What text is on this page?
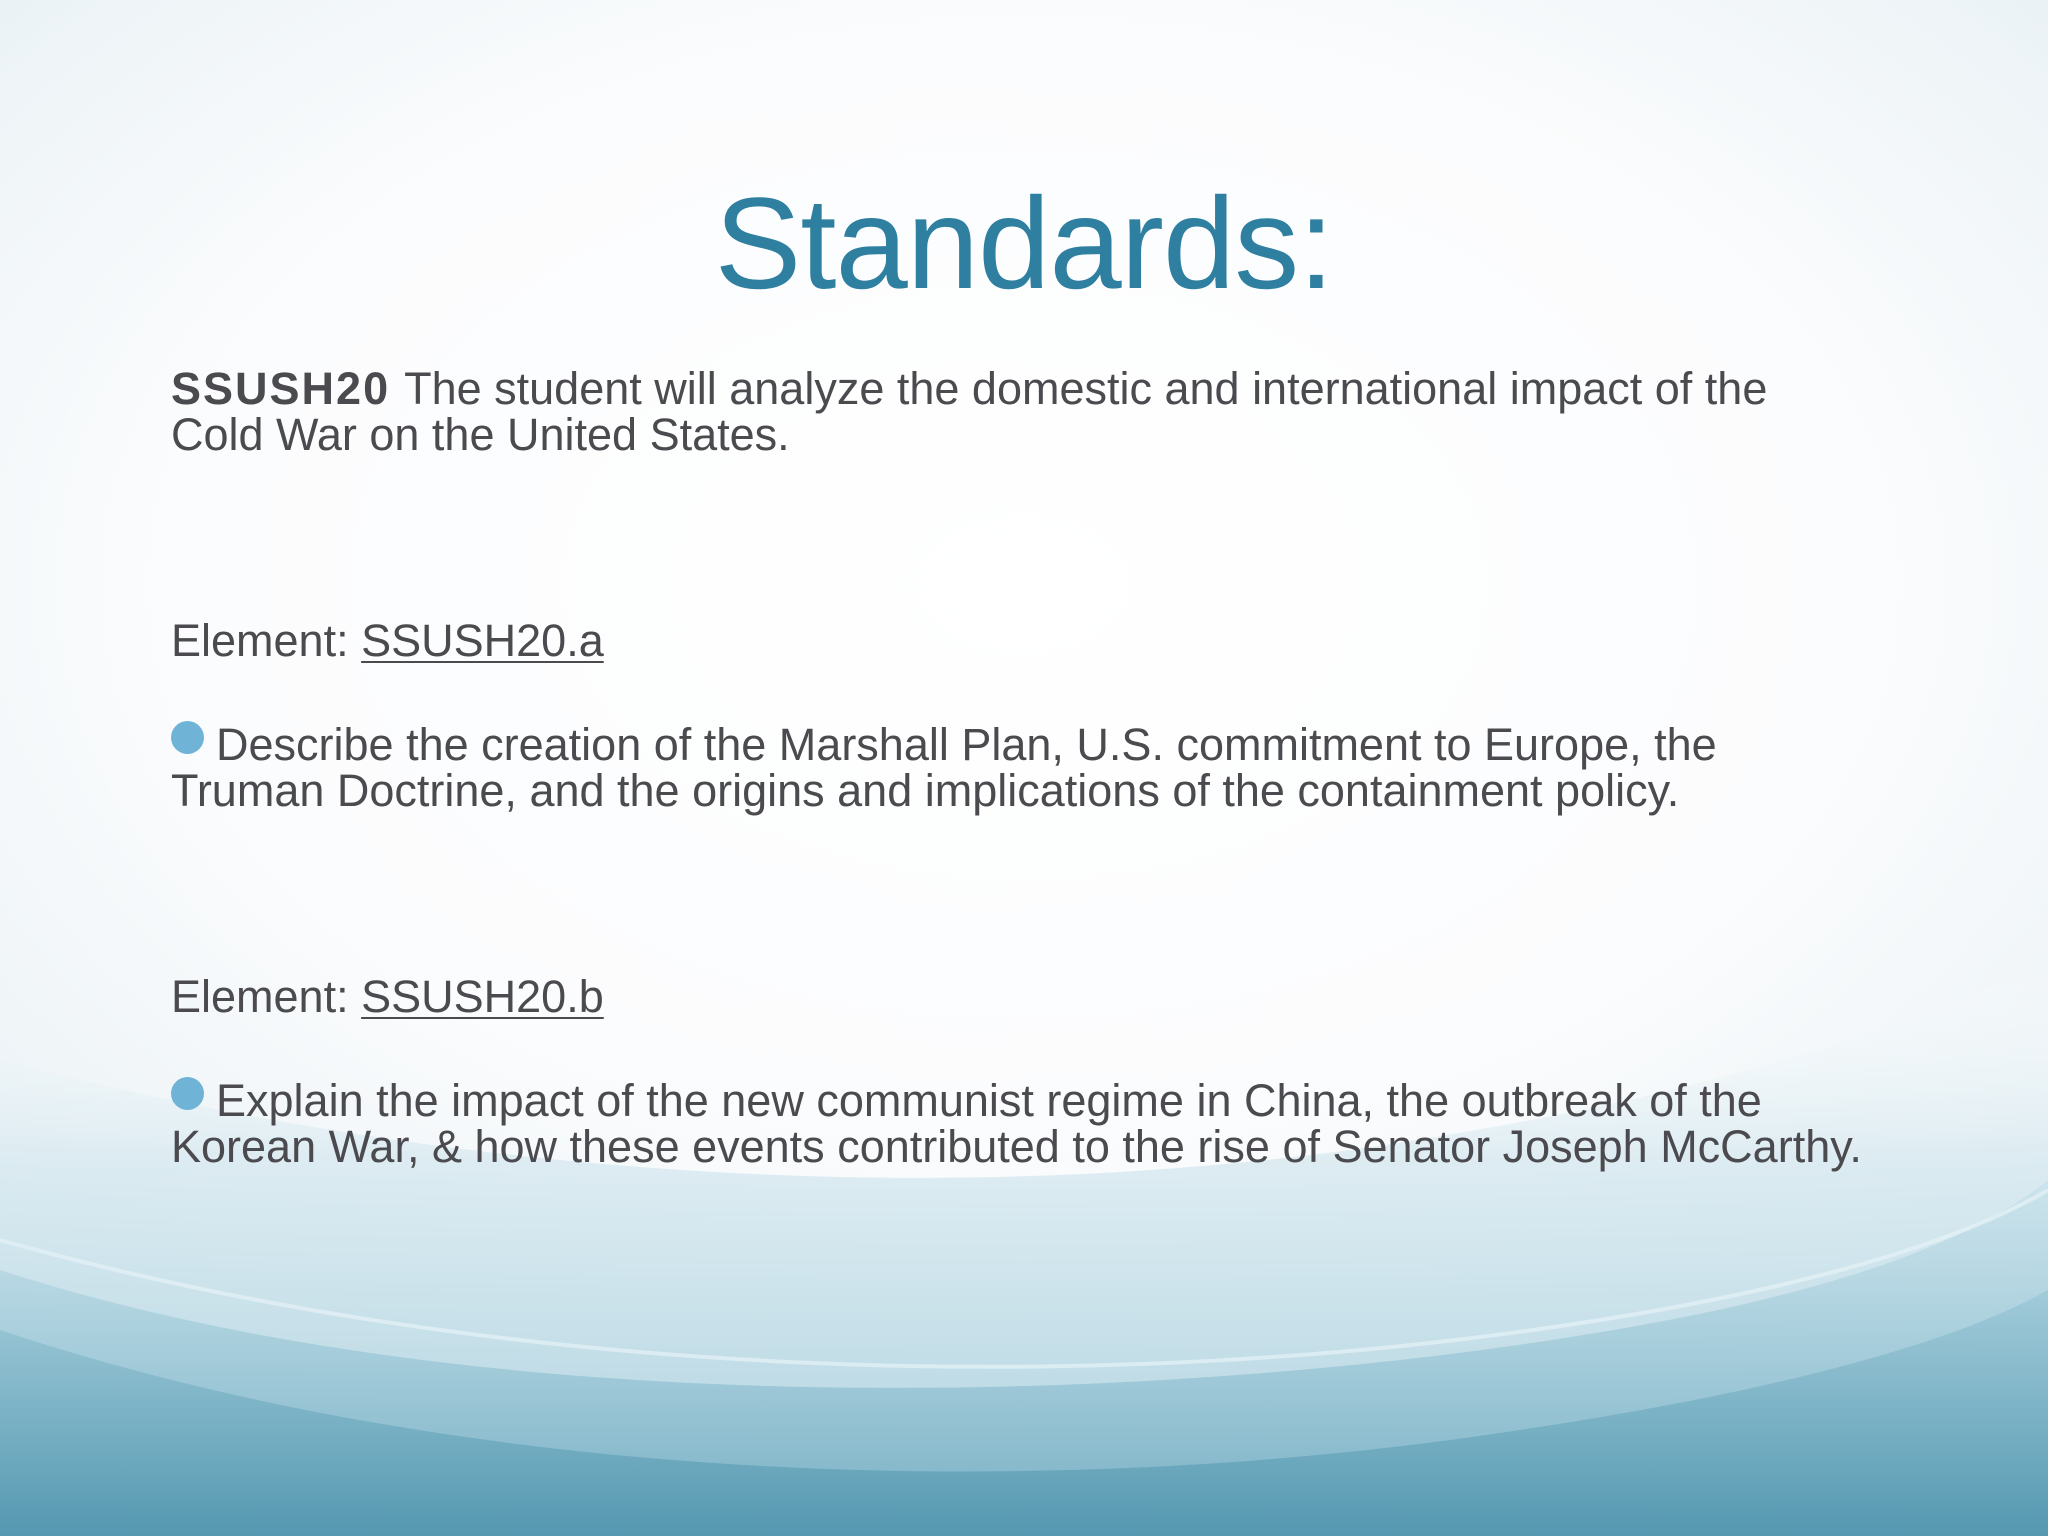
Standards:
SSUSH20 The student will analyze the domestic and international impact of the Cold War on the United States.
Element: SSUSH20.a
Describe the creation of the Marshall Plan, U.S. commitment to Europe, the Truman Doctrine, and the origins and implications of the containment policy.
Element: SSUSH20.b
Explain the impact of the new communist regime in China, the outbreak of the Korean War, & how these events contributed to the rise of Senator Joseph McCarthy.
